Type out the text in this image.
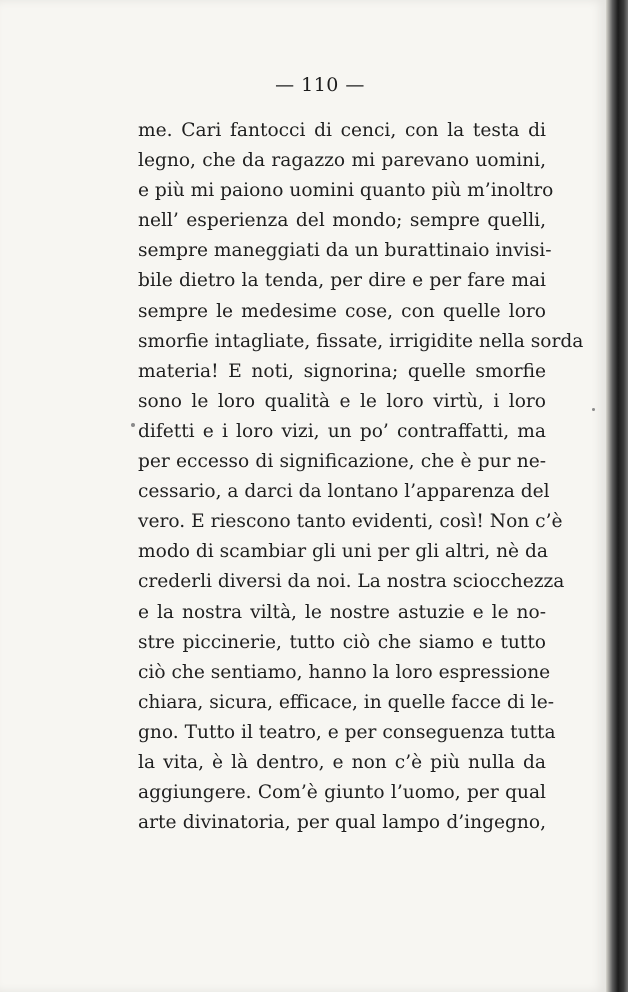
— 110 —
me. Cari fantocci di cenci, con la testa di
legno, che da ragazzo mi parevano uomini,
e più mi paiono uomini quanto più m’inoltro
nell’ esperienza del mondo; sempre quelli,
sempre maneggiati da un burattinaio invisi-
bile dietro la tenda, per dire e per fare mai
sempre le medesime cose, con quelle loro
smorfie intagliate, fissate, irrigidite nella sorda
materia! E noti, signorina; quelle smorfie
sono le loro qualità e le loro virtù, i loro
difetti e i loro vizi, un po’ contraffatti, ma
per eccesso di significazione, che è pur ne-
cessario, a darci da lontano l’apparenza del
vero. E riescono tanto evidenti, così! Non c’è
modo di scambiar gli uni per gli altri, nè da
crederli diversi da noi. La nostra sciocchezza
e la nostra viltà, le nostre astuzie e le no-
stre piccinerie, tutto ciò che siamo e tutto
ciò che sentiamo, hanno la loro espressione
chiara, sicura, efficace, in quelle facce di le-
gno. Tutto il teatro, e per conseguenza tutta
la vita, è là dentro, e non c’è più nulla da
aggiungere. Com’è giunto l’uomo, per qual
arte divinatoria, per qual lampo d’ingegno,
